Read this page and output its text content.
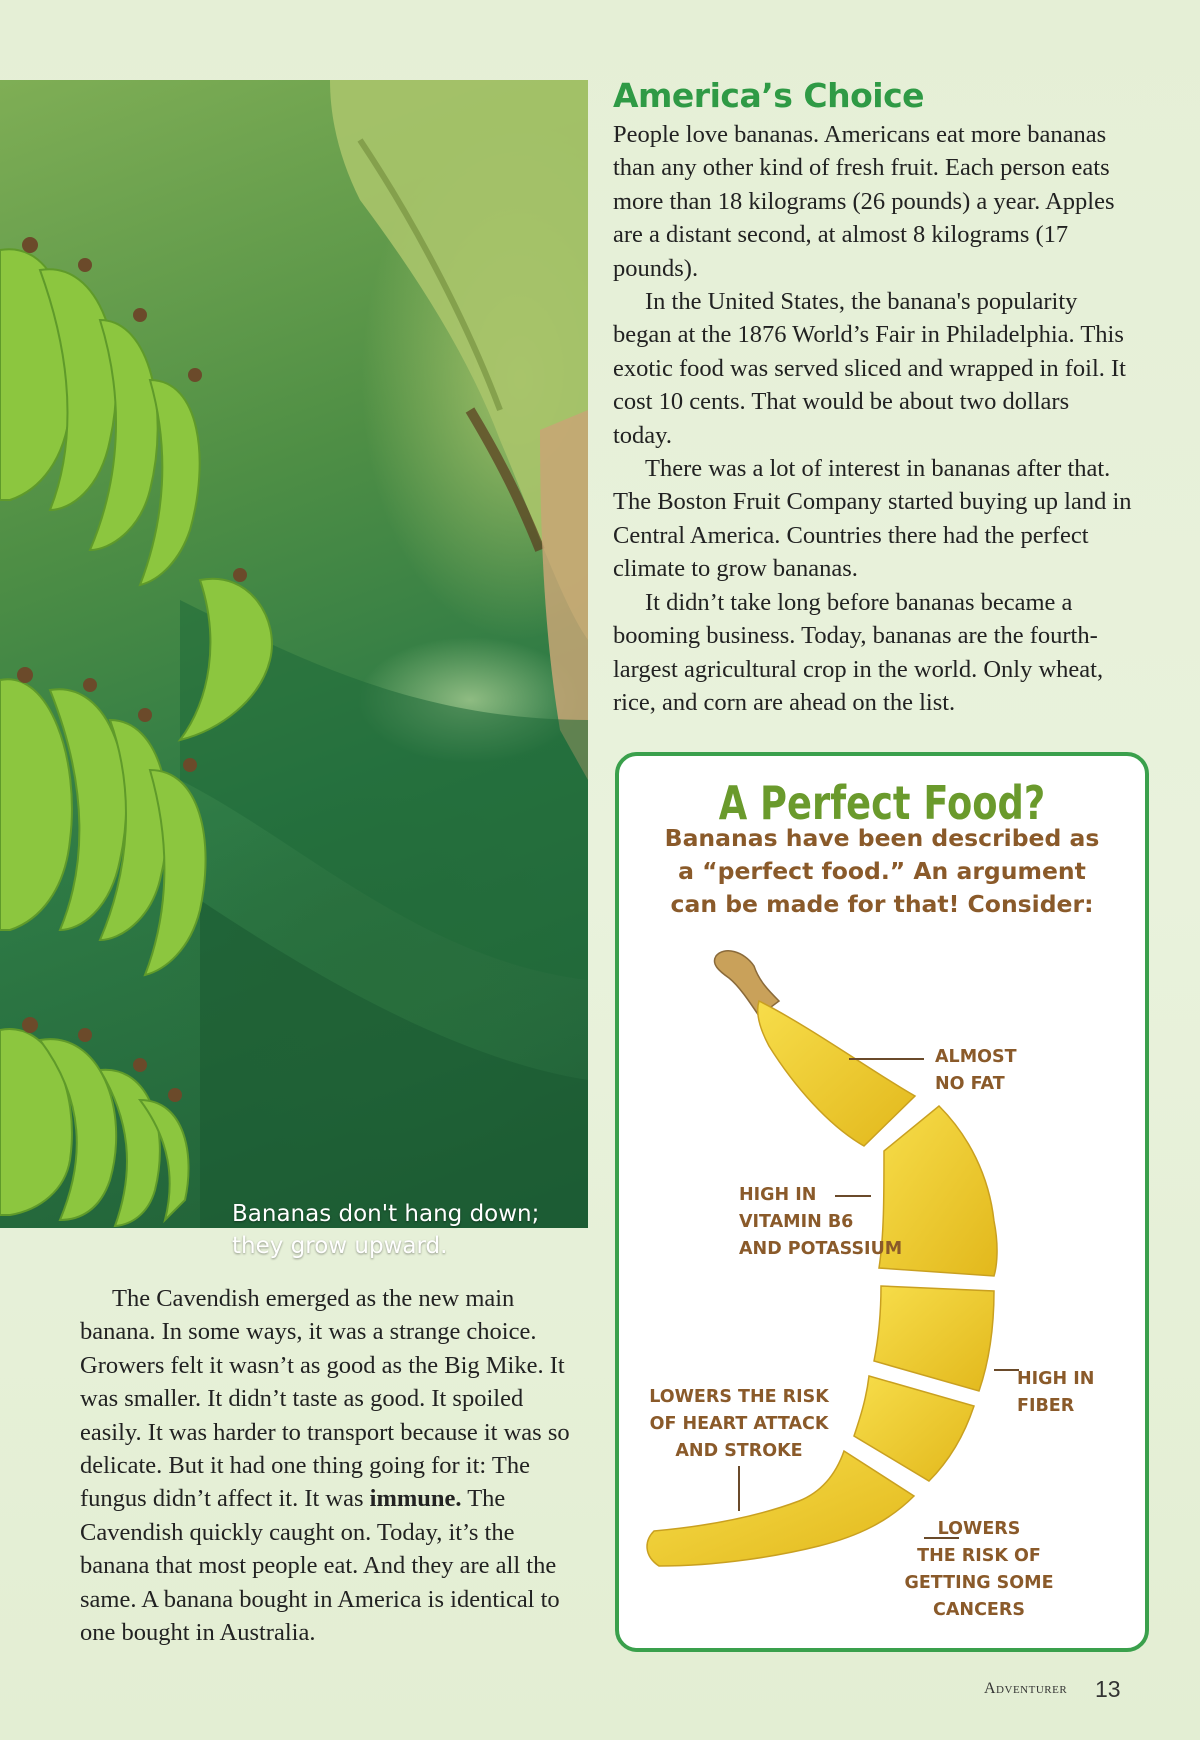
Bananas don't hang down;
they grow upward.
America’s Choice

People love bananas. Americans eat more bananas than any other kind of fresh fruit. Each person eats more than 18 kilograms (26 pounds) a year. Apples are a distant second, at almost 8 kilograms (17 pounds).

In the United States, the banana's popularity began at the 1876 World’s Fair in Philadelphia. This exotic food was served sliced and wrapped in foil. It cost 10 cents. That would be about two dollars today.

There was a lot of interest in bananas after that. The Boston Fruit Company started buying up land in Central America. Countries there had the perfect climate to grow bananas.

It didn’t take long before bananas became a booming business. Today, bananas are the fourth-largest agricultural crop in the world. Only wheat, rice, and corn are ahead on the list.

The Cavendish emerged as the new main banana. In some ways, it was a strange choice. Growers felt it wasn’t as good as the Big Mike. It was smaller. It didn’t taste as good. It spoiled easily. It was harder to transport because it was so delicate. But it had one thing going for it: The fungus didn’t affect it. It was immune. The Cavendish quickly caught on. Today, it’s the banana that most people eat. And they are all the same. A banana bought in America is identical to one bought in Australia.

A Perfect Food?
Bananas have been described as a “perfect food.” An argument can be made for that! Consider:
ALMOST
NO FAT
HIGH IN
VITAMIN B6
AND POTASSIUM
HIGH IN
FIBER
LOWERS THE RISK
OF HEART ATTACK
AND STROKE
LOWERS
THE RISK OF
GETTING SOME
CANCERS
Adventurer 13
